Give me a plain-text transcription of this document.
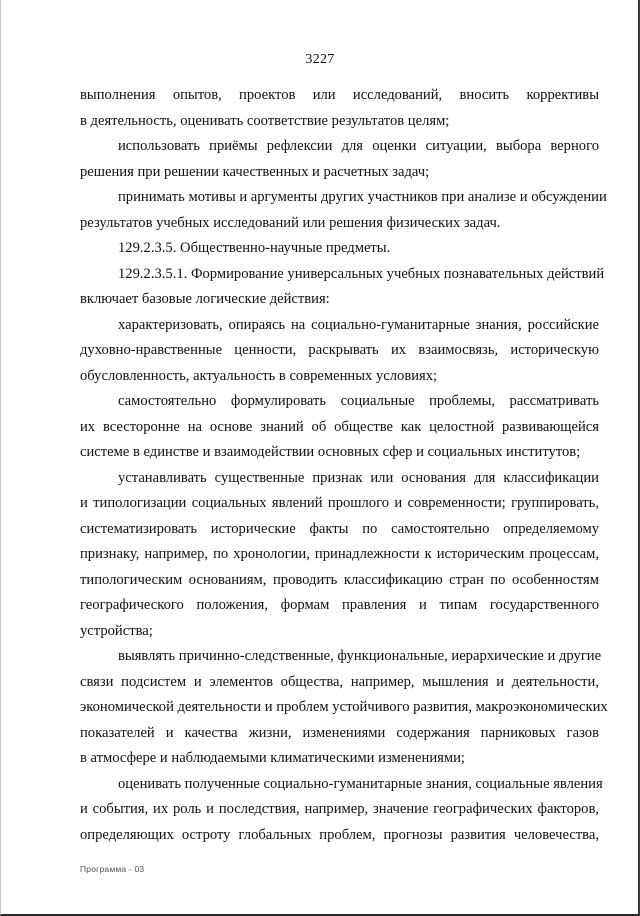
3227
выполнения опытов, проектов или исследований, вносить коррективы
в деятельность, оценивать соответствие результатов целям;
использовать приёмы рефлексии для оценки ситуации, выбора верного
решения при решении качественных и расчетных задач;
принимать мотивы и аргументы других участников при анализе и обсуждении
результатов учебных исследований или решения физических задач.
129.2.3.5. Общественно-научные предметы.
129.2.3.5.1. Формирование универсальных учебных познавательных действий
включает базовые логические действия:
характеризовать, опираясь на социально-гуманитарные знания, российские
духовно-нравственные ценности, раскрывать их взаимосвязь, историческую
обусловленность, актуальность в современных условиях;
самостоятельно формулировать социальные проблемы, рассматривать
их всесторонне на основе знаний об обществе как целостной развивающейся
системе в единстве и взаимодействии основных сфер и социальных институтов;
устанавливать существенные признак или основания для классификации
и типологизации социальных явлений прошлого и современности; группировать,
систематизировать исторические факты по самостоятельно определяемому
признаку, например, по хронологии, принадлежности к историческим процессам,
типологическим основаниям, проводить классификацию стран по особенностям
географического положения, формам правления и типам государственного
устройства;
выявлять причинно-следственные, функциональные, иерархические и другие
связи подсистем и элементов общества, например, мышления и деятельности,
экономической деятельности и проблем устойчивого развития, макроэкономических
показателей и качества жизни, изменениями содержания парниковых газов
в атмосфере и наблюдаемыми климатическими изменениями;
оценивать полученные социально-гуманитарные знания, социальные явления
и события, их роль и последствия, например, значение географических факторов,
определяющих остроту глобальных проблем, прогнозы развития человечества,
Программа - 03
